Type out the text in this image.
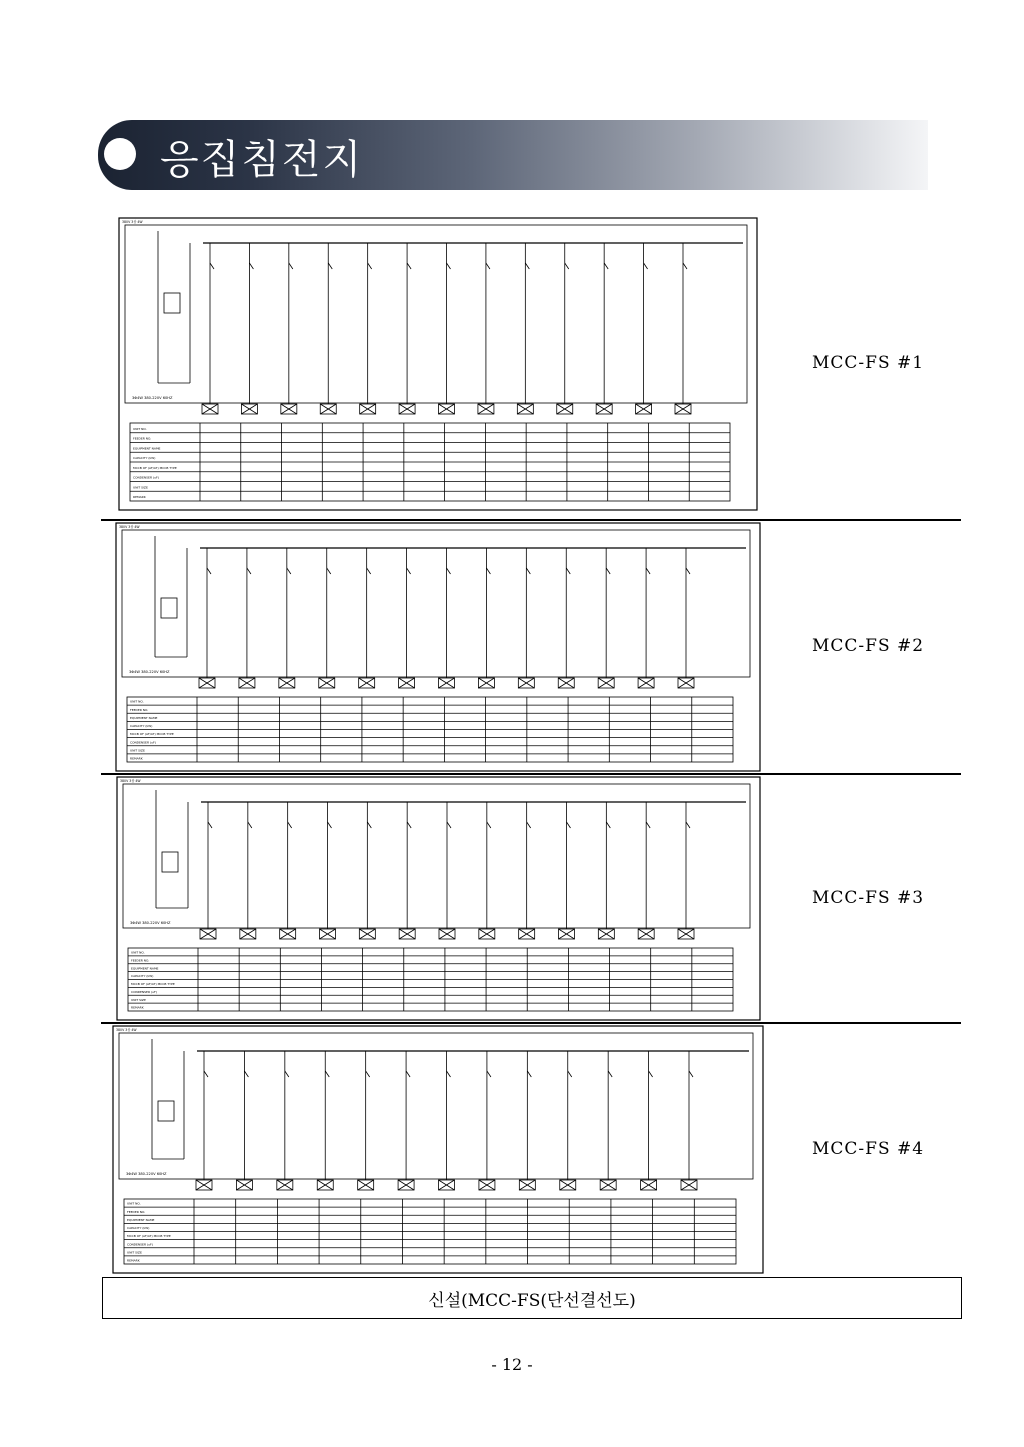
응집침전지
380V 3상 4W
3Φ4W 380-220V 60HZ
UNIT NO.
FEEDER NO.
EQUIPMENT NAME
CAPACITY (kW)
MCCB OF (AF/AT) MCCB TYPE
CONDENSER (uF)
UNIT SIZE
REMARK
MCC-FS #1
380V 3상 4W
3Φ4W 380-220V 60HZ
UNIT NO.
FEEDER NO.
EQUIPMENT NAME
CAPACITY (kW)
MCCB OF (AF/AT) MCCB TYPE
CONDENSER (uF)
UNIT SIZE
REMARK
MCC-FS #2
380V 3상 4W
3Φ4W 380-220V 60HZ
UNIT NO.
FEEDER NO.
EQUIPMENT NAME
CAPACITY (kW)
MCCB OF (AF/AT) MCCB TYPE
CONDENSER (uF)
UNIT SIZE
REMARK
MCC-FS #3
380V 3상 4W
3Φ4W 380-220V 60HZ
UNIT NO.
FEEDER NO.
EQUIPMENT NAME
CAPACITY (kW)
MCCB OF (AF/AT) MCCB TYPE
CONDENSER (uF)
UNIT SIZE
REMARK
MCC-FS #4
신설(MCC-FS(단선결선도)
- 12 -
